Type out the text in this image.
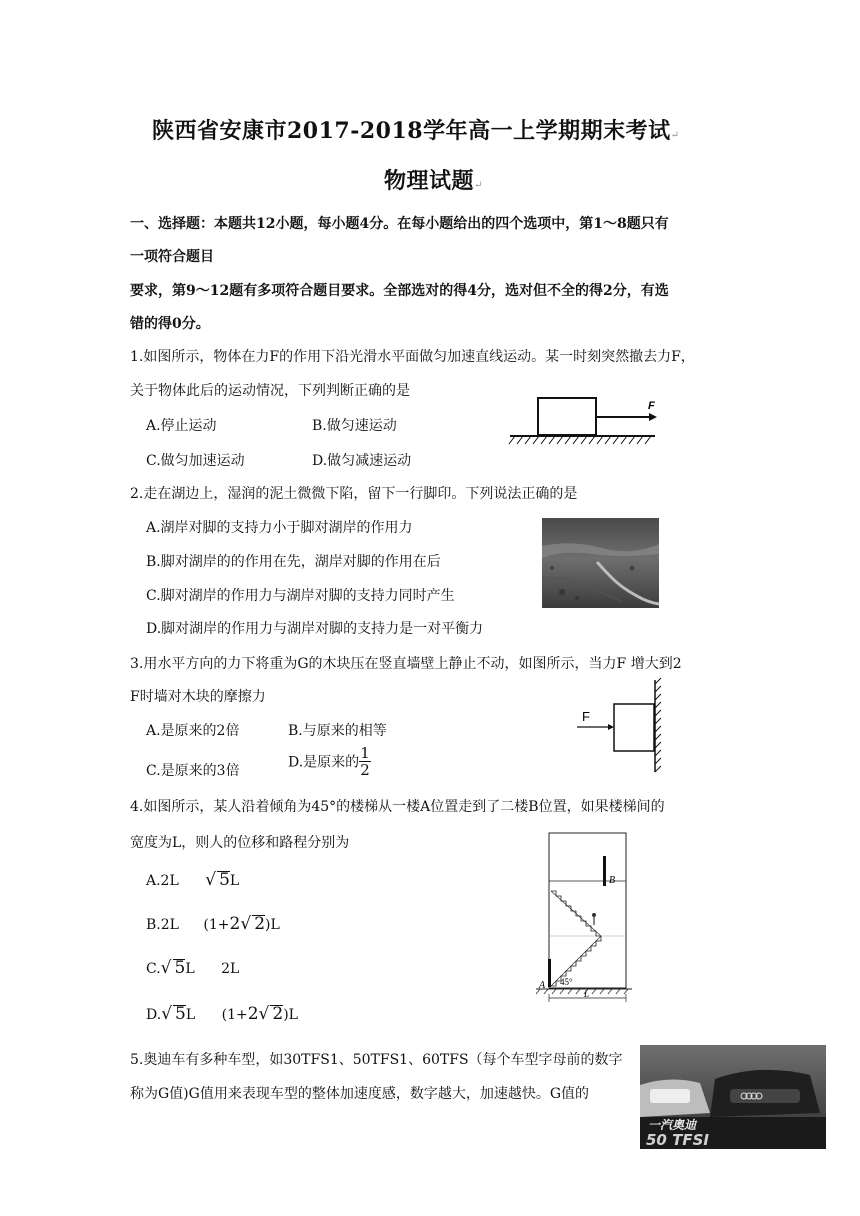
陕西省安康市2017-2018学年高一上学期期末考试↵
物理试题↵
一、选择题：本题共12小题，每小题4分。在每小题给出的四个选项中，第1～8题只有
一项符合题目
要求，第9～12题有多项符合题目要求。全部选对的得4分，选对但不全的得2分，有选
错的得0分。
1.如图所示，物体在力F的作用下沿光滑水平面做匀加速直线运动。某一时刻突然撤去力F，
关于物体此后的运动情况，下列判断正确的是
A.停止运动	B.做匀速运动
C.做匀加速运动	D.做匀减速运动
F
2.走在湖边上，湿润的泥土微微下陷，留下一行脚印。下列说法正确的是
A.湖岸对脚的支持力小于脚对湖岸的作用力
B.脚对湖岸的的作用在先，湖岸对脚的作用在后
C.脚对湖岸的作用力与湖岸对脚的支持力同时产生
D.脚对湖岸的作用力与湖岸对脚的支持力是一对平衡力
3.用水平方向的力下将重为G的木块压在竖直墙壁上静止不动，如图所示，当力F 增大到2
F时墙对木块的摩擦力
A.是原来的2倍	B.与原来的相等
C.是原来的3倍
D.是原来的 $\frac{1}{2}$
F
4.如图所示，某人沿着倾角为45°的楼梯从一楼A位置走到了二楼B位置，如果楼梯间的
宽度为L，则人的位移和路程分别为
A.2L √ 5L
B.2L (1+2√ 2)L
C.√ 5L 2L
D.√ 5L (1+2√ 2)L
A
B
45°
L
5.奥迪车有多种车型，如30TFS1、50TFS1、60TFS（每个车型字母前的数字
称为G值)G值用来表现车型的整体加速度感，数字越大，加速越快。G值的
一汽奥迪
50 TFSI
